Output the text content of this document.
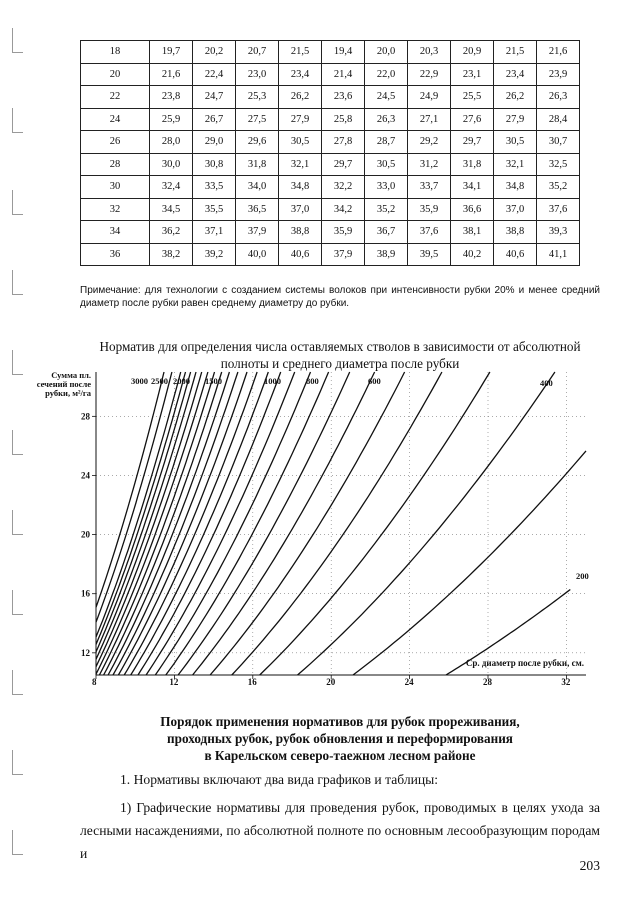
18	19,7	20,2	20,7	21,5	19,4	20,0	20,3	20,9	21,5	21,6
20	21,6	22,4	23,0	23,4	21,4	22,0	22,9	23,1	23,4	23,9
22	23,8	24,7	25,3	26,2	23,6	24,5	24,9	25,5	26,2	26,3
24	25,9	26,7	27,5	27,9	25,8	26,3	27,1	27,6	27,9	28,4
26	28,0	29,0	29,6	30,5	27,8	28,7	29,2	29,7	30,5	30,7
28	30,0	30,8	31,8	32,1	29,7	30,5	31,2	31,8	32,1	32,5
30	32,4	33,5	34,0	34,8	32,2	33,0	33,7	34,1	34,8	35,2
32	34,5	35,5	36,5	37,0	34,2	35,2	35,9	36,6	37,0	37,6
34	36,2	37,1	37,9	38,8	35,9	36,7	37,6	38,1	38,8	39,3
36	38,2	39,2	40,0	40,6	37,9	38,9	39,5	40,2	40,6	41,1
Примечание: для технологии с созданием системы волоков при интенсивности рубки 20% и менее средний диаметр после рубки равен среднему диаметру до рубки.
Норматив для определения числа оставляемых стволов в зависимости от абсолютной
полноты и среднего диаметра после рубки
8	12	16	20	24	28	32
12
16
20
24
28
Сумма пл.
сечений после
рубки, м²/га
Ср. диаметр после рубки, см.
3000 2500 2000 1500	1000	800	600	400
200
Порядок применения нормативов для рубок прореживания,
проходных рубок, рубок обновления и переформирования
в Карельском северо-таежном лесном районе
1. Нормативы включают два вида графиков и таблицы:
1) Графические нормативы для проведения рубок, проводимых в целях ухода за лесными насаждениями, по абсолютной полноте по основным лесообразующим породам и
203
